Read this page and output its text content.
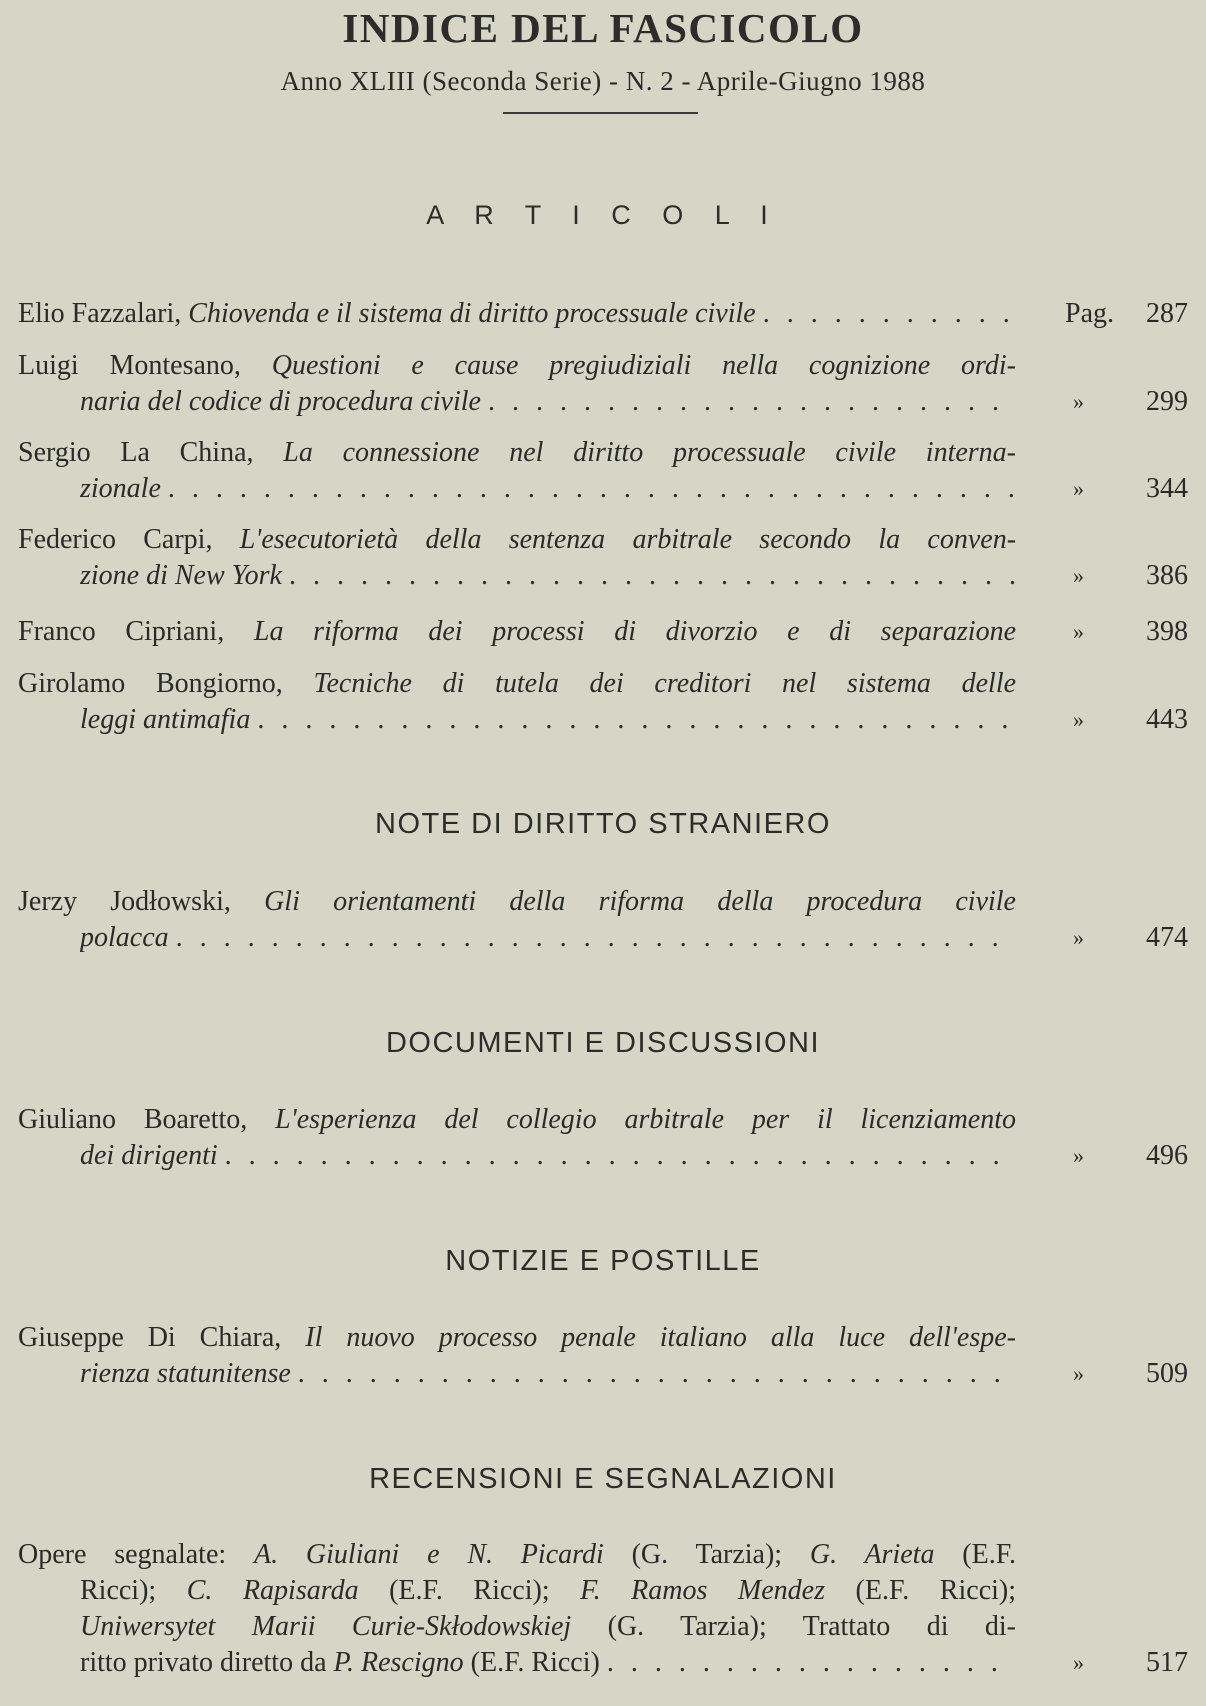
INDICE DEL FASCICOLO
Anno XLIII (Seconda Serie) - N. 2 - Aprile-Giugno 1988
A R T I C O L I
Elio Fazzalari, Chiovenda e il sistema di diritto processuale civile . . .	Pag. 287
Luigi Montesano, Questioni e cause pregiudiziali nella cognizione ordi-
naria del codice di procedura civile . . .	» 299
Sergio La China, La connessione nel diritto processuale civile interna-
zionale . . .	» 344
Federico Carpi, L'esecutorietà della sentenza arbitrale secondo la conven-
zione di New York . . .	» 386
Franco Cipriani, La riforma dei processi di divorzio e di separazione	» 398
Girolamo Bongiorno, Tecniche di tutela dei creditori nel sistema delle
leggi antimafia . . .	» 443
NOTE DI DIRITTO STRANIERO
Jerzy Jodłowski, Gli orientamenti della riforma della procedura civile
polacca . . .	» 474
DOCUMENTI E DISCUSSIONI
Giuliano Boaretto, L'esperienza del collegio arbitrale per il licenziamento
dei dirigenti . . .	» 496
NOTIZIE E POSTILLE
Giuseppe Di Chiara, Il nuovo processo penale italiano alla luce dell'espe-
rienza statunitense . . .	» 509
RECENSIONI E SEGNALAZIONI
Opere segnalate: A. Giuliani e N. Picardi (G. Tarzia); G. Arieta (E.F.
Ricci); C. Rapisarda (E.F. Ricci); F. Ramos Mendez (E.F. Ricci);
Uniwersytet Marii Curie-Skłodowskiej (G. Tarzia); Trattato di di-
ritto privato diretto da P. Rescigno (E.F. Ricci) . . .	» 517
